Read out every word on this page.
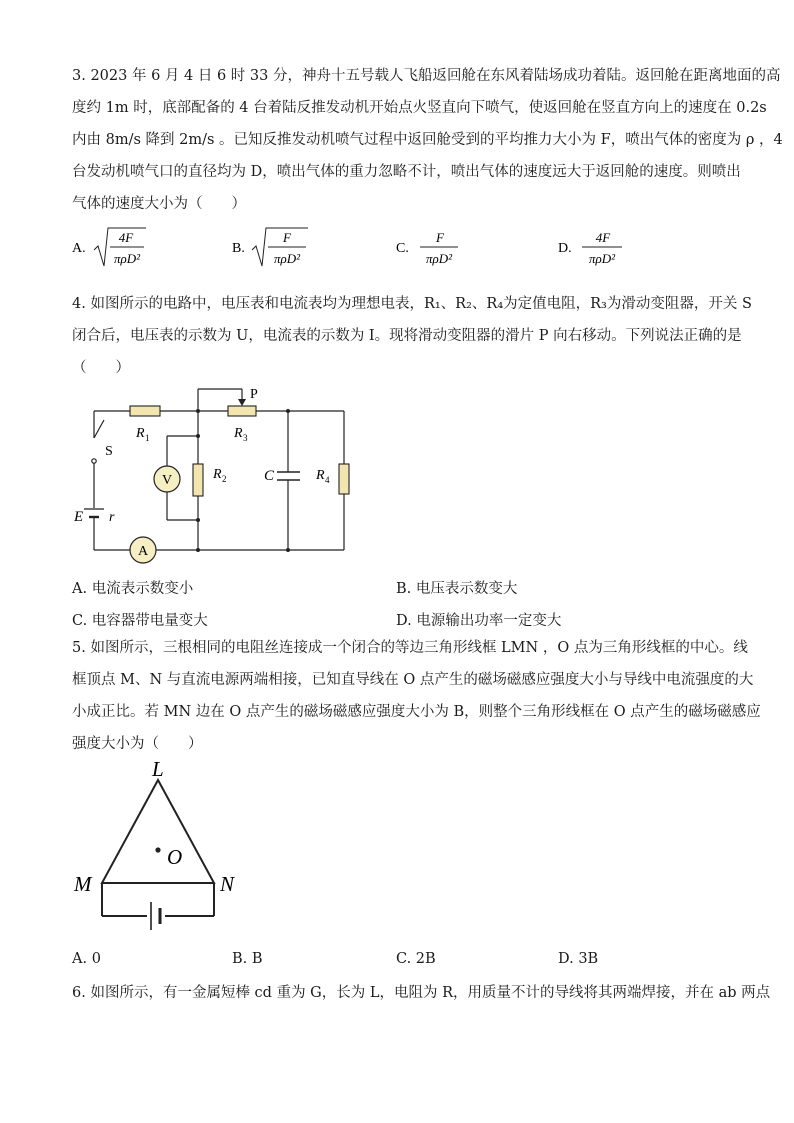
3. 2023 年 6 月 4 日 6 时 33 分，神舟十五号载人飞船返回舱在东风着陆场成功着陆。返回舱在距离地面的高
度约 1m 时，底部配备的 4 台着陆反推发动机开始点火竖直向下喷气，使返回舱在竖直方向上的速度在 0.2s
内由 8m/s 降到 2m/s 。已知反推发动机喷气过程中返回舱受到的平均推力大小为 F，喷出气体的密度为 ρ ，4
台发动机喷气口的直径均为 D，喷出气体的重力忽略不计，喷出气体的速度远大于返回舱的速度。则喷出
气体的速度大小为（　　）
A.
4F
πρD²
B.
F
πρD²
C.
F
πρD²
D.
4F
πρD²
4. 如图所示的电路中，电压表和电流表均为理想电表，R₁、R₂、R₄为定值电阻，R₃为滑动变阻器，开关 S
闭合后，电压表的示数为 U，电流表的示数为 I。现将滑动变阻器的滑片 P 向右移动。下列说法正确的是
（　　）
V
A
P
R 1	R 3
R 2	R 4
C
S
E r
A. 电流表示数变小	B. 电压表示数变大
C. 电容器带电量变大	D. 电源输出功率一定变大
5. 如图所示，三根相同的电阻丝连接成一个闭合的等边三角形线框 LMN ，O 点为三角形线框的中心。线
框顶点 M、N 与直流电源两端相接，已知直导线在 O 点产生的磁场磁感应强度大小与导线中电流强度的大
小成正比。若 MN 边在 O 点产生的磁场磁感应强度大小为 B，则整个三角形线框在 O 点产生的磁场磁感应
强度大小为（　　）
L
M	N
O
A. 0	B. B	C. 2B	D. 3B
6. 如图所示，有一金属短棒 cd 重为 G，长为 L，电阻为 R，用质量不计的导线将其两端焊接，并在 ab 两点
